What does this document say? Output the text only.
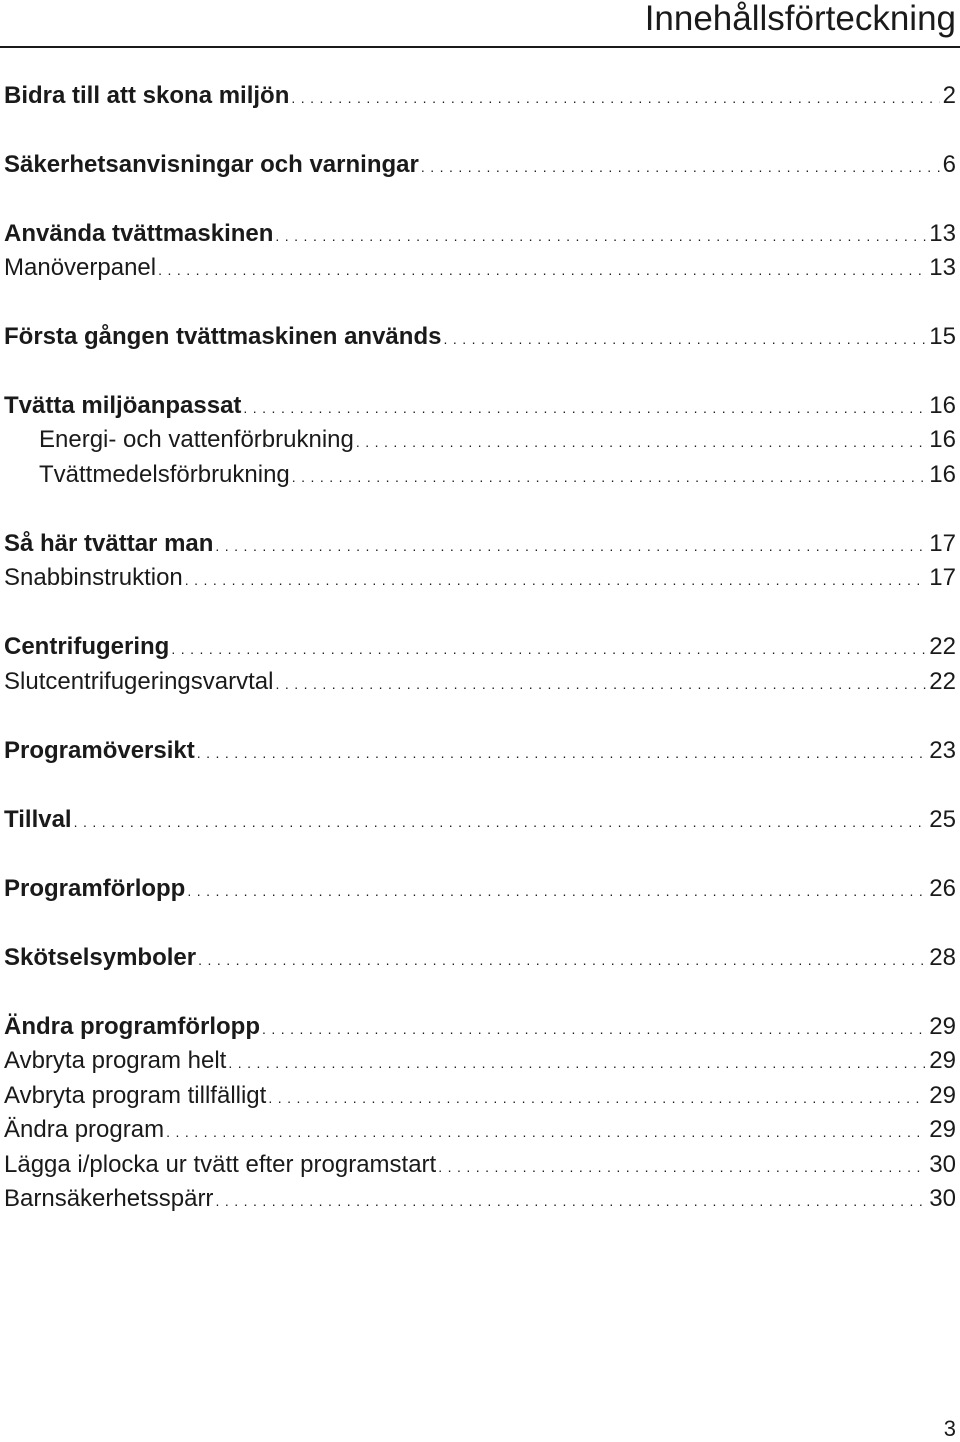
Innehållsförteckning
Bidra till att skona miljön . . .	2
Säkerhetsanvisningar och varningar . . .	6
Använda tvättmaskinen . . .	13
Manöverpanel . . .	13
Första gången tvättmaskinen används . . .	15
Tvätta miljöanpassat . . .	16
Energi- och vattenförbrukning . . .	16
Tvättmedelsförbrukning . . .	16
Så här tvättar man . . .	17
Snabbinstruktion . . .	17
Centrifugering . . .	22
Slutcentrifugeringsvarvtal . . .	22
Programöversikt . . .	23
Tillval . . .	25
Programförlopp . . .	26
Skötselsymboler . . .	28
Ändra programförlopp . . .	29
Avbryta program helt . . .	29
Avbryta program tillfälligt . . .	29
Ändra program . . .	29
Lägga i/plocka ur tvätt efter programstart . . .	30
Barnsäkerhetsspärr . . .	30
3
